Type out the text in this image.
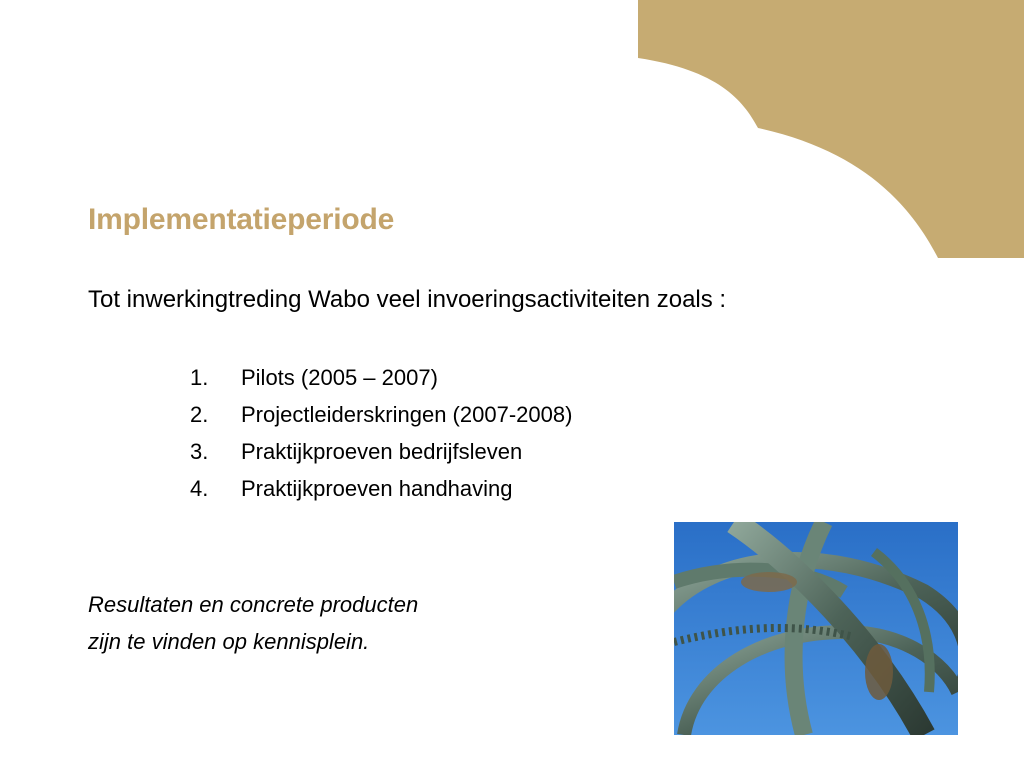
Implementatieperiode
Tot inwerkingtreding Wabo veel invoeringsactiviteiten zoals :
1.	Pilots (2005 – 2007)
2.	Projectleiderskringen (2007-2008)
3.	Praktijkproeven bedrijfsleven
4.	Praktijkproeven handhaving
Resultaten en concrete producten
zijn te vinden op kennisplein.
